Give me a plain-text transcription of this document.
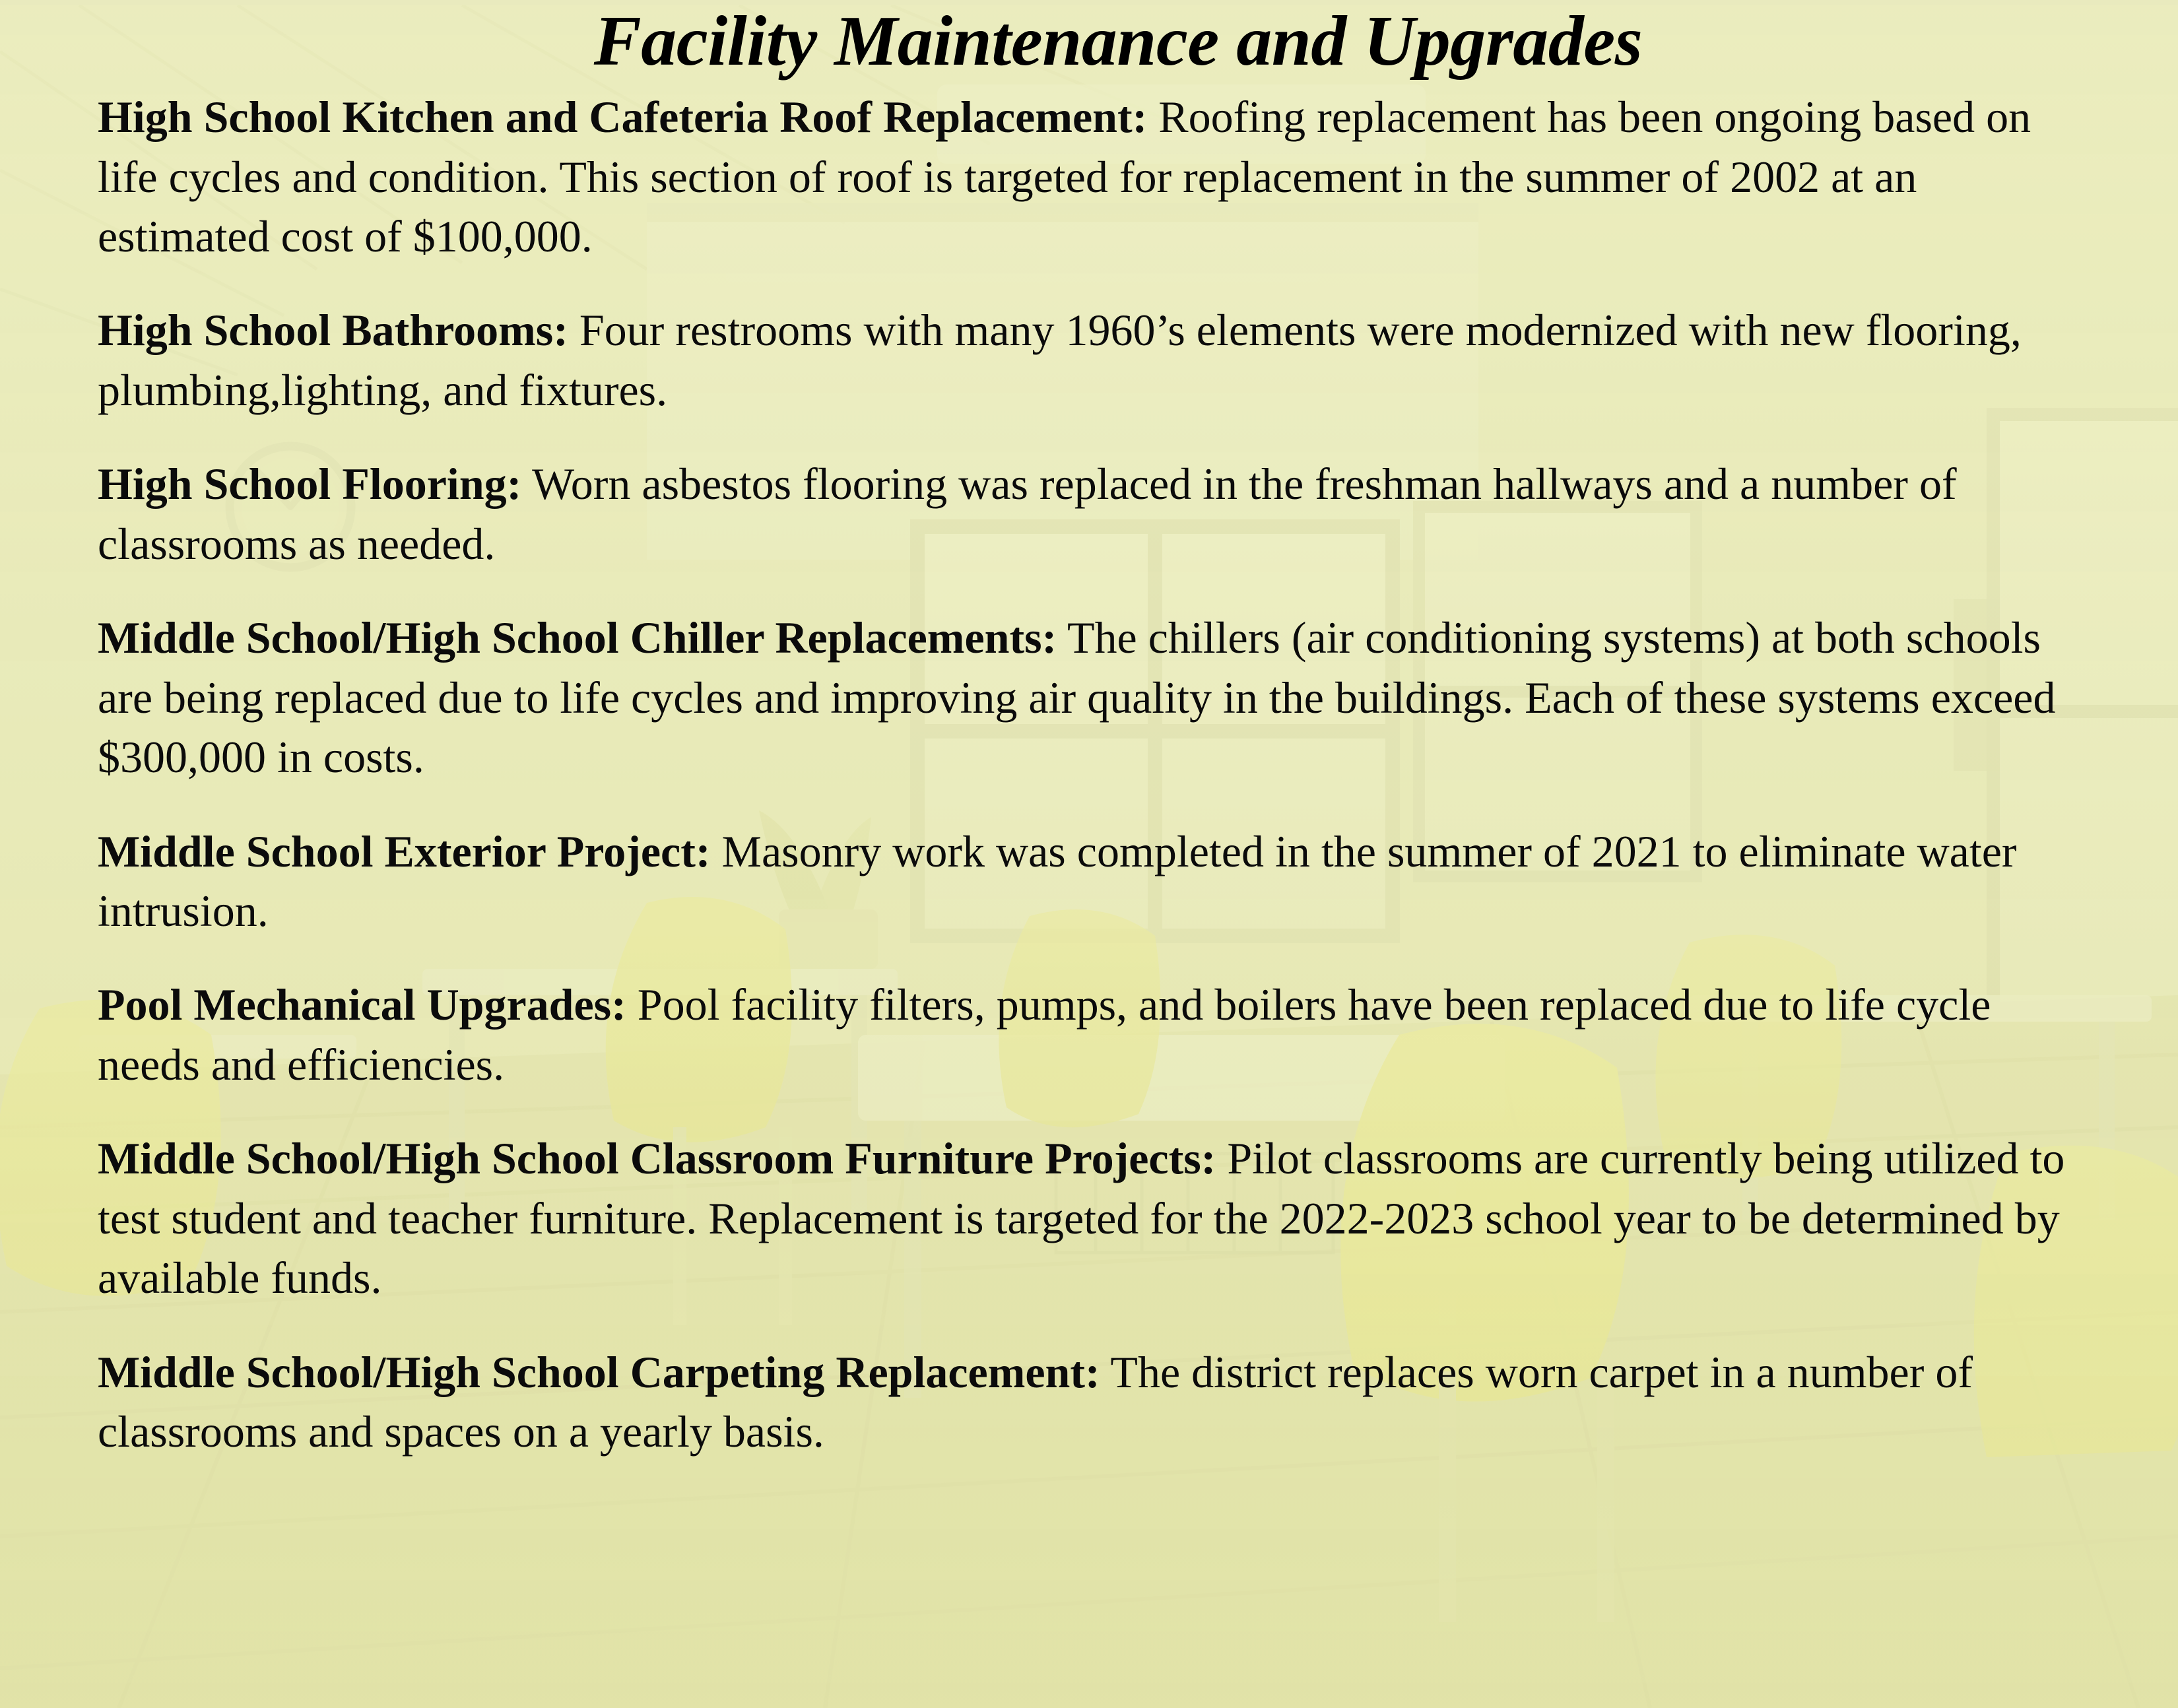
Facility Maintenance and Upgrades

High School Kitchen and Cafeteria Roof Replacement: Roofing replacement has been ongoing based on life cycles and condition. This section of roof is targeted for replacement in the summer of 2002 at an estimated cost of $100,000.

High School Bathrooms: Four restrooms with many 1960’s elements were modernized with new flooring, plumbing,lighting, and fixtures.

High School Flooring: Worn asbestos flooring was replaced in the freshman hallways and a number of classrooms as needed.

Middle School/High School Chiller Replacements: The chillers (air conditioning systems) at both schools are being replaced due to life cycles and improving air quality in the buildings. Each of these systems exceed $300,000 in costs.

Middle School Exterior Project: Masonry work was completed in the summer of 2021 to eliminate water intrusion.

Pool Mechanical Upgrades: Pool facility filters, pumps, and boilers have been replaced due to life cycle needs and efficiencies.

Middle School/High School Classroom Furniture Projects: Pilot classrooms are currently being utilized to test student and teacher furniture. Replacement is targeted for the 2022-2023 school year to be determined by available funds.

Middle School/High School Carpeting Replacement: The district replaces worn carpet in a number of classrooms and spaces on a yearly basis.
